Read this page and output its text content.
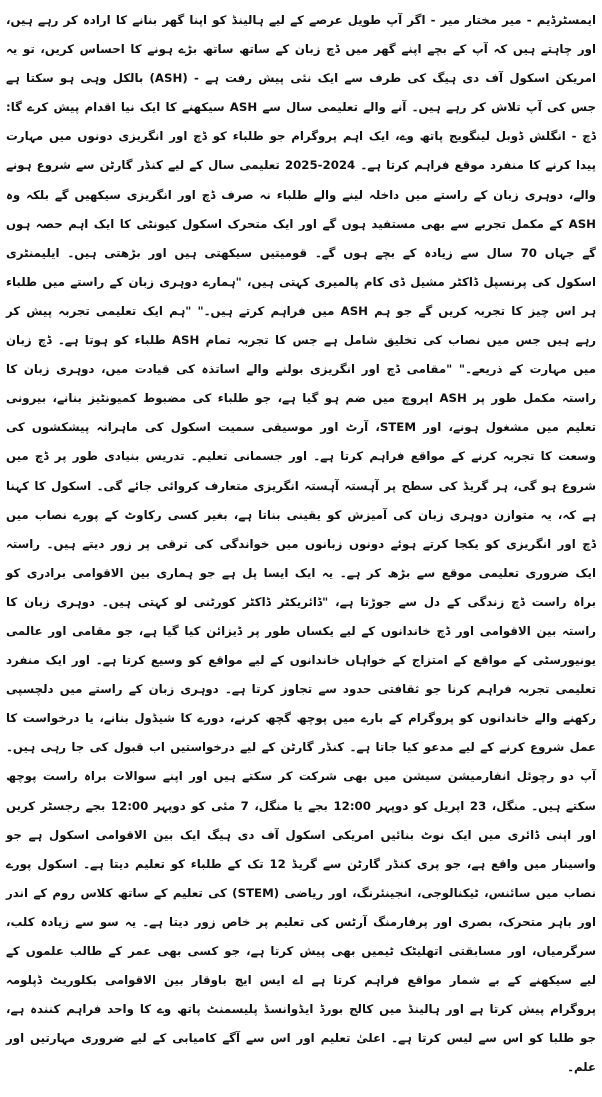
ایمسٹرڈیم - میر مختار میر - اگر آپ طویل عرصے کے لیے ہالینڈ کو اپنا گھر بنانے کا ارادہ کر رہے ہیں، اور چاہتے ہیں کہ آپ کے بچے اپنے گھر میں ڈچ زبان کے ساتھ ساتھ بڑے ہونے کا احساس کریں، تو یہ امریکن اسکول آف دی ہیگ کی طرف سے ایک نئی پیش رفت ہے - (ASH) بالکل وہی ہو سکتا ہے جس کی آپ تلاش کر رہے ہیں۔ آنے والے تعلیمی سال سے ASH سیکھنے کا ایک نیا اقدام پیش کرے گا: ڈچ - انگلش ڈوبل لینگویج پاتھ وے، ایک اہم پروگرام جو طلباء کو ڈچ اور انگریزی دونوں میں مہارت پیدا کرنے کا منفرد موقع فراہم کرتا ہے۔ 2024-2025 تعلیمی سال کے لیے کنڈر گارٹن سے شروع ہونے والے، دوہری زبان کے راستے میں داخلہ لینے والے طلباء نہ صرف ڈچ اور انگریزی سیکھیں گے بلکہ وہ ASH کے مکمل تجربے سے بھی مستفید ہوں گے اور ایک متحرک اسکول کیونٹی کا ایک اہم حصہ ہوں گے جہاں 70 سال سے زیادہ کے بچے ہوں گے۔ قومیتیں سیکھتی ہیں اور بڑھتی ہیں۔ ایلیمنٹری اسکول کی پرنسپل ڈاکٹر مشیل ڈی کام پالمیری کہتی ہیں، "ہمارے دوہری زبان کے راستے میں طلباء ہر اس چیز کا تجربہ کریں گے جو ہم ASH میں فراہم کرتے ہیں۔" "ہم ایک تعلیمی تجربہ پیش کر رہے ہیں جس میں نصاب کی تخلیق شامل ہے جس کا تجربہ تمام ASH طلباء کو ہوتا ہے۔ ڈچ زبان میں مہارت کے ذریعے۔" "مقامی ڈچ اور انگریزی بولنے والے اساتذہ کی قیادت میں، دوہری زبان کا راستہ مکمل طور پر ASH اپروچ میں ضم ہو گیا ہے، جو طلباء کی مضبوط کمیونٹیز بنانے، بیرونی تعلیم میں مشغول ہونے، اور STEM، آرٹ اور موسیقی سمیت اسکول کی ماہرانہ پیشکشوں کی وسعت کا تجربہ کرنے کے مواقع فراہم کرتا ہے۔ اور جسمانی تعلیم۔ تدریس بنیادی طور پر ڈچ میں شروع ہو گی، ہر گریڈ کی سطح پر آہستہ آہستہ انگریزی متعارف کروائی جائے گی۔ اسکول کا کہنا ہے کہ، یہ متوازن دوہری زبان کی آمیزش کو یقینی بناتا ہے، بغیر کسی رکاوٹ کے پورے نصاب میں ڈچ اور انگریزی کو یکجا کرتے ہوئے دونوں زبانوں میں خواندگی کی ترقی پر زور دیتے ہیں۔ راستہ ایک ضروری تعلیمی موقع سے بڑھ کر ہے۔ یہ ایک ایسا پل ہے جو ہماری بین الاقوامی برادری کو براہ راست ڈچ زندگی کے دل سے جوڑتا ہے، "ڈائریکٹر ڈاکٹر کورٹنی لو کہتی ہیں۔ دوہری زبان کا راستہ بین الاقوامی اور ڈچ خاندانوں کے لیے یکساں طور پر ڈیزائن کیا گیا ہے، جو مقامی اور عالمی یونیورسٹی کے مواقع کے امتزاج کے خواہاں خاندانوں کے لیے مواقع کو وسیع کرتا ہے۔ اور ایک منفرد تعلیمی تجربہ فراہم کرنا جو ثقافتی حدود سے تجاوز کرتا ہے۔ دوہری زبان کے راستے میں دلچسپی رکھنے والے خاندانوں کو پروگرام کے بارے میں پوچھ گچھ کرنے، دورے کا شیڈول بنانے، یا درخواست کا عمل شروع کرنے کے لیے مدعو کیا جاتا ہے۔ کنڈر گارٹن کے لیے درخواستیں اب قبول کی جا رہی ہیں۔ آپ دو رچوئل انفارمیشن سیشن میں بھی شرکت کر سکتے ہیں اور اپنے سوالات براہ راست پوچھ سکتے ہیں۔ منگل، 23 اپریل کو دوپہر 12:00 بجے یا منگل، 7 مئی کو دوپہر 12:00 بجے رجسٹر کریں اور اپنی ڈائری میں ایک نوٹ بنائیں امریکی اسکول آف دی ہیگ ایک بین الاقوامی اسکول ہے جو واسینار میں واقع ہے، جو پری کنڈر گارٹن سے گریڈ 12 تک کے طلباء کو تعلیم دیتا ہے۔ اسکول پورے نصاب میں سائنس، ٹیکنالوجی، انجینئرنگ، اور ریاضی (STEM) کی تعلیم کے ساتھ کلاس روم کے اندر اور باہر متحرک، بصری اور پرفارمنگ آرٹس کی تعلیم پر خاص زور دیتا ہے۔ یہ سو سے زیادہ کلب، سرگرمیاں، اور مسابقتی اتھلیٹک ٹیمیں بھی پیش کرتا ہے، جو کسی بھی عمر کے طالب علموں کے لیے سیکھنے کے بے شمار مواقع فراہم کرتا ہے اے ایس ایچ باوقار بین الاقوامی بکلوریٹ ڈپلومہ پروگرام پیش کرتا ہے اور ہالینڈ میں کالج بورڈ ایڈوانسڈ پلیسمنٹ پاتھ وے کا واحد فراہم کنندہ ہے، جو طلبا کو اس سے لیس کرتا ہے۔ اعلیٰ تعلیم اور اس سے آگے کامیابی کے لیے ضروری مہارتیں اور علم۔
